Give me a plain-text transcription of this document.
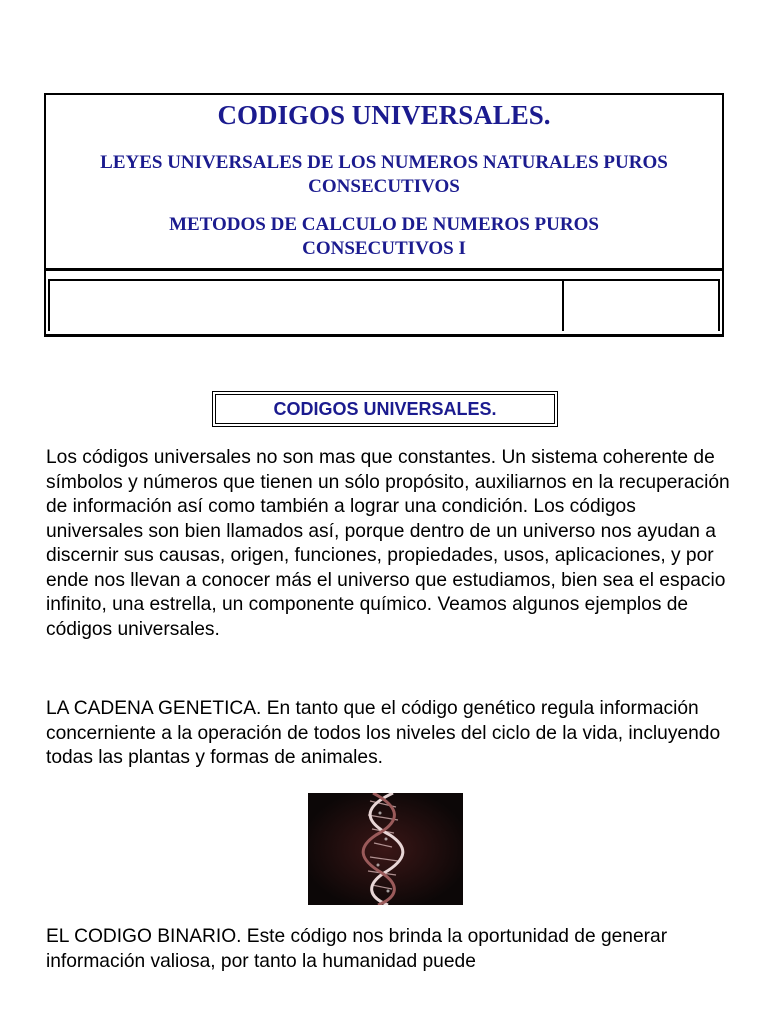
CODIGOS UNIVERSALES.
LEYES UNIVERSALES DE LOS NUMEROS NATURALES PUROS
CONSECUTIVOS
METODOS DE CALCULO DE NUMEROS PUROS
CONSECUTIVOS I
CODIGOS UNIVERSALES.

Los códigos universales no son mas que constantes. Un sistema coherente de símbolos y números que tienen un sólo propósito, auxiliarnos en la recuperación de información así como también a lograr una condición. Los códigos universales son bien llamados así, porque dentro de un universo nos ayudan a discernir sus causas, origen, funciones, propiedades, usos, aplicaciones, y por ende nos llevan a conocer más el universo que estudiamos, bien sea el espacio infinito, una estrella, un componente químico. Veamos algunos ejemplos de códigos universales.

LA CADENA GENETICA. En tanto que el código genético regula información concerniente a la operación de todos los niveles del ciclo de la vida, incluyendo todas las plantas y formas de animales.

EL CODIGO BINARIO. Este código nos brinda la oportunidad de generar información valiosa, por tanto la humanidad puede
